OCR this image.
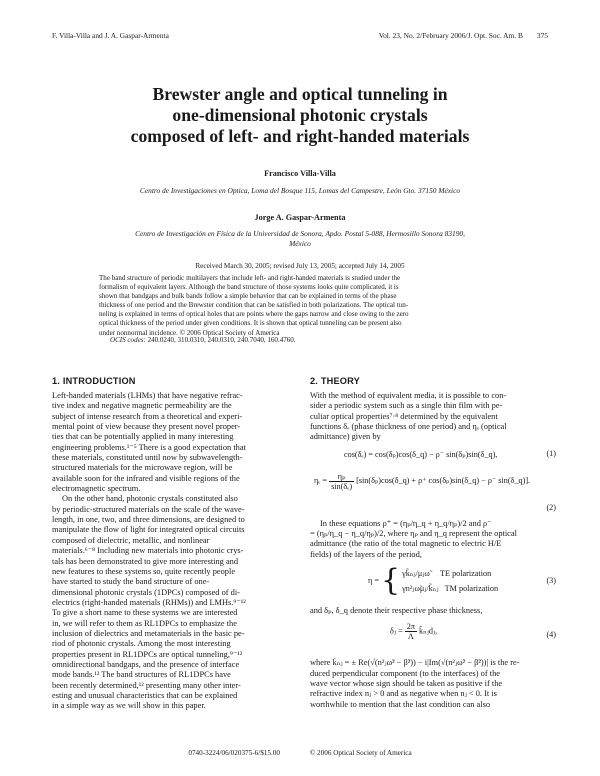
F. Villa-Villa and J. A. Gaspar-Armenta	Vol. 23, No. 2/February 2006/J. Opt. Soc. Am. B 375
Brewster angle and optical tunneling in
one-dimensional photonic crystals
composed of left- and right-handed materials
Francisco Villa-Villa
Centro de Investigaciones en Optica, Loma del Bosque 115, Lomas del Campestre, León Gto. 37150 México
Jorge A. Gaspar-Armenta
Centro de Investigación en Física de la Universidad de Sonora, Apdo. Postal 5-088, Hermosillo Sonora 83190,
México
Received March 30, 2005; revised July 13, 2005; accepted July 14, 2005
The band structure of periodic multilayers that include left- and right-handed materials is studied under the
formalism of equivalent layers. Although the band structure of those systems looks quite complicated, it is
shown that bandgaps and bulk bands follow a simple behavior that can be explained in terms of the phase
thickness of one period and the Brewster condition that can be satisfied in both polarizations. The optical tun-
neling is explained in terms of optical holes that are points where the gaps narrow and close owing to the zero
optical thickness of the period under given conditions. It is shown that optical tunneling can be present also
under nonnormal incidence. © 2006 Optical Society of America
OCIS codes: 240.0240, 310.0310, 240.0310, 240.7040, 160.4760.
1. INTRODUCTION
Left-handed materials (LHMs) that have negative refrac-
tive index and negative magnetic permeability are the
subject of intense research from a theoretical and experi-
mental point of view because they present novel proper-
ties that can be potentially applied in many interesting
engineering problems.¹⁻⁵ There is a good expectation that
these materials, constituted until now by subwavelength-
structured materials for the microwave region, will be
available soon for the infrared and visible regions of the
electromagnetic spectrum.
On the other hand, photonic crystals constituted also
by periodic-structured materials on the scale of the wave-
length, in one, two, and three dimensions, are designed to
manipulate the flow of light for integrated optical circuits
composed of dielectric, metallic, and nonlinear
materials.⁶⁻⁸ Including new materials into photonic crys-
tals has been demonstrated to give more interesting and
new features to these systems so, quite recently people
have started to study the band structure of one-
dimensional photonic crystals (1DPCs) composed of di-
electrics (right-handed materials (RHMs)) and LMHs.⁹⁻¹²
To give a short name to these systems we are interested
in, we will refer to them as RL1DPCs to emphasize the
inclusion of dielectrics and metamaterials in the basic pe-
riod of photonic crystals. Among the most interesting
properties present in RL1DPCs are optical tunneling,⁹⁻¹²
omnidirectional bandgaps, and the presence of interface
mode bands.¹² The band structures of RL1DPCs have
been recently determined,¹² presenting many other inter-
esting and unusual characteristics that can be explained
in a simple way as we will show in this paper.
2. THEORY
With the method of equivalent media, it is possible to con-
sider a periodic system such as a single thin film with pe-
culiar optical properties⁷·⁸ determined by the equivalent
functions δₑ (phase thickness of one period) and ηₑ (optical
admittance) given by
cos(δₑ) = cos(δₚ)cos(δ_q) − ρ⁻ sin(δₚ)sin(δ_q),	(1)
$\eta_e = \frac{\text{ηₚ}}{\text{sin(δₑ)}}$ [sin(δₚ)cos(δ_q) + ρ⁺ cos(δₚ)sin(δ_q) − ρ⁻ sin(δ_q)].
(2)
In these equations ρ⁺ = (ηₚ/η_q + η_q/ηₚ)/2 and ρ⁻
= (ηₚ/η_q − η_q/ηₚ)/2, where ηₚ and η_q represent the optical
admittance (the ratio of the total magnetic to electric H/E
fields) of the layers of the period,
η = { γk̃ₙⱼ/μⱼω̃ TE polarization
γn²ⱼω̃μⱼ/k̃ₙⱼ TM polarization
(3)
and δₚ, δ_q denote their respective phase thickness,
δⱼ = $\frac{2\pi}{\Lambda}$ k̃ₙⱼdⱼ,	(4)
where k̃ₙⱼ = ± Re(√(n²ⱼω̃² − β̃²)) − i|Im(√(n²ⱼω̃² − β̃²))| is the re-
duced perpendicular component (to the interfaces) of the
wave vector whose sign should be taken as positive if the
refractive index nⱼ > 0 and as negative when nⱼ < 0. It is
worthwhile to mention that the last condition can also
0740-3224/06/020375-6/$15.00	© 2006 Optical Society of America
